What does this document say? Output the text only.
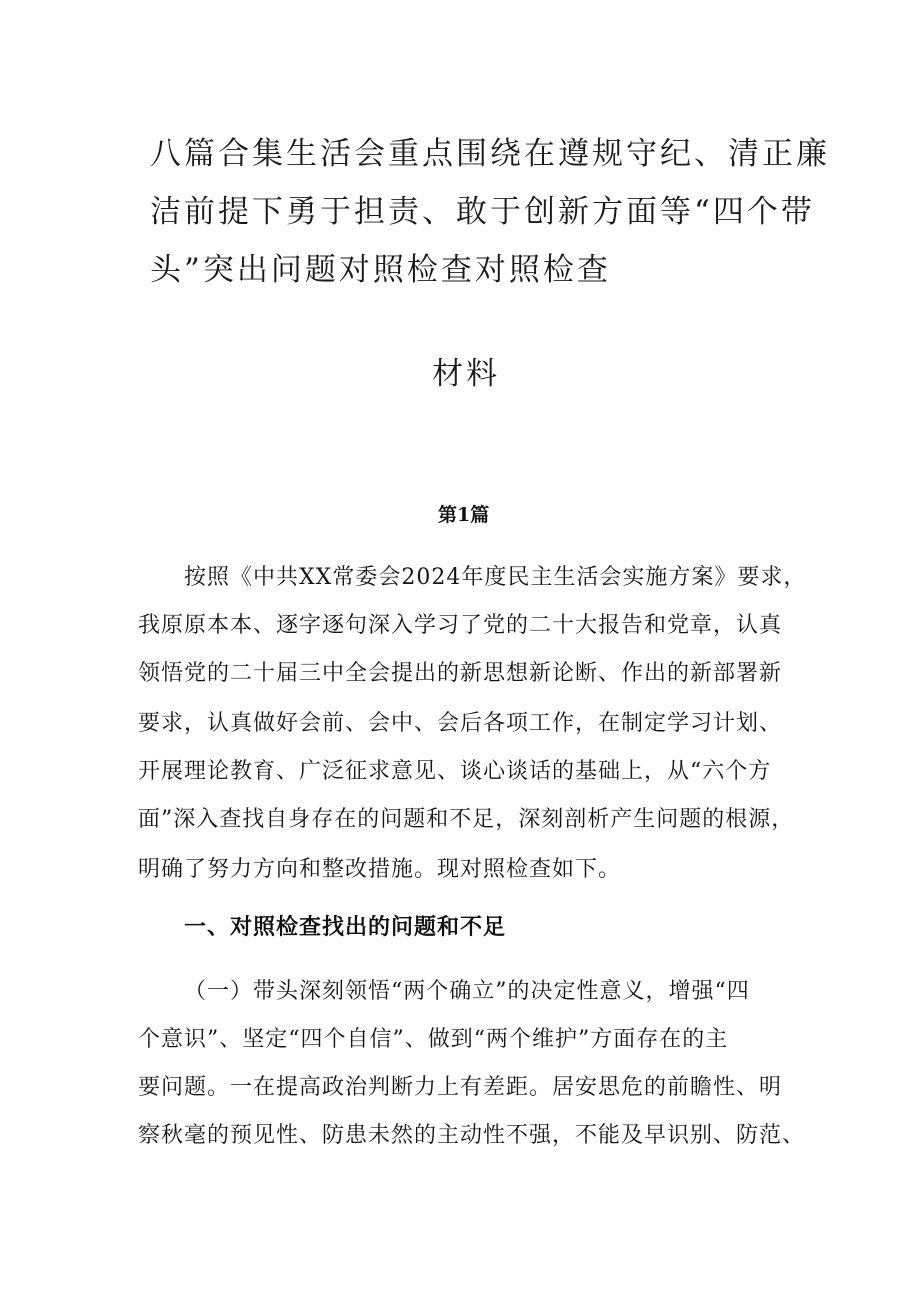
八篇合集生活会重点围绕在遵规守纪、清正廉
洁前提下勇于担责、敢于创新方面等“四个带
头”突出问题对照检查对照检查
材料
第1篇
按照《中共XX常委会2024年度民主生活会实施方案》要求，
我原原本本、逐字逐句深入学习了党的二十大报告和党章，认真
领悟党的二十届三中全会提出的新思想新论断、作出的新部署新
要求，认真做好会前、会中、会后各项工作，在制定学习计划、
开展理论教育、广泛征求意见、谈心谈话的基础上，从“六个方
面”深入查找自身存在的问题和不足，深刻剖析产生问题的根源，
明确了努力方向和整改措施。现对照检查如下。
一、对照检查找出的问题和不足
（一）带头深刻领悟“两个确立”的决定性意义，增强“四
个意识”、坚定“四个自信”、做到“两个维护”方面存在的主
要问题。一在提高政治判断力上有差距。居安思危的前瞻性、明
察秋毫的预见性、防患未然的主动性不强，不能及早识别、防范、
